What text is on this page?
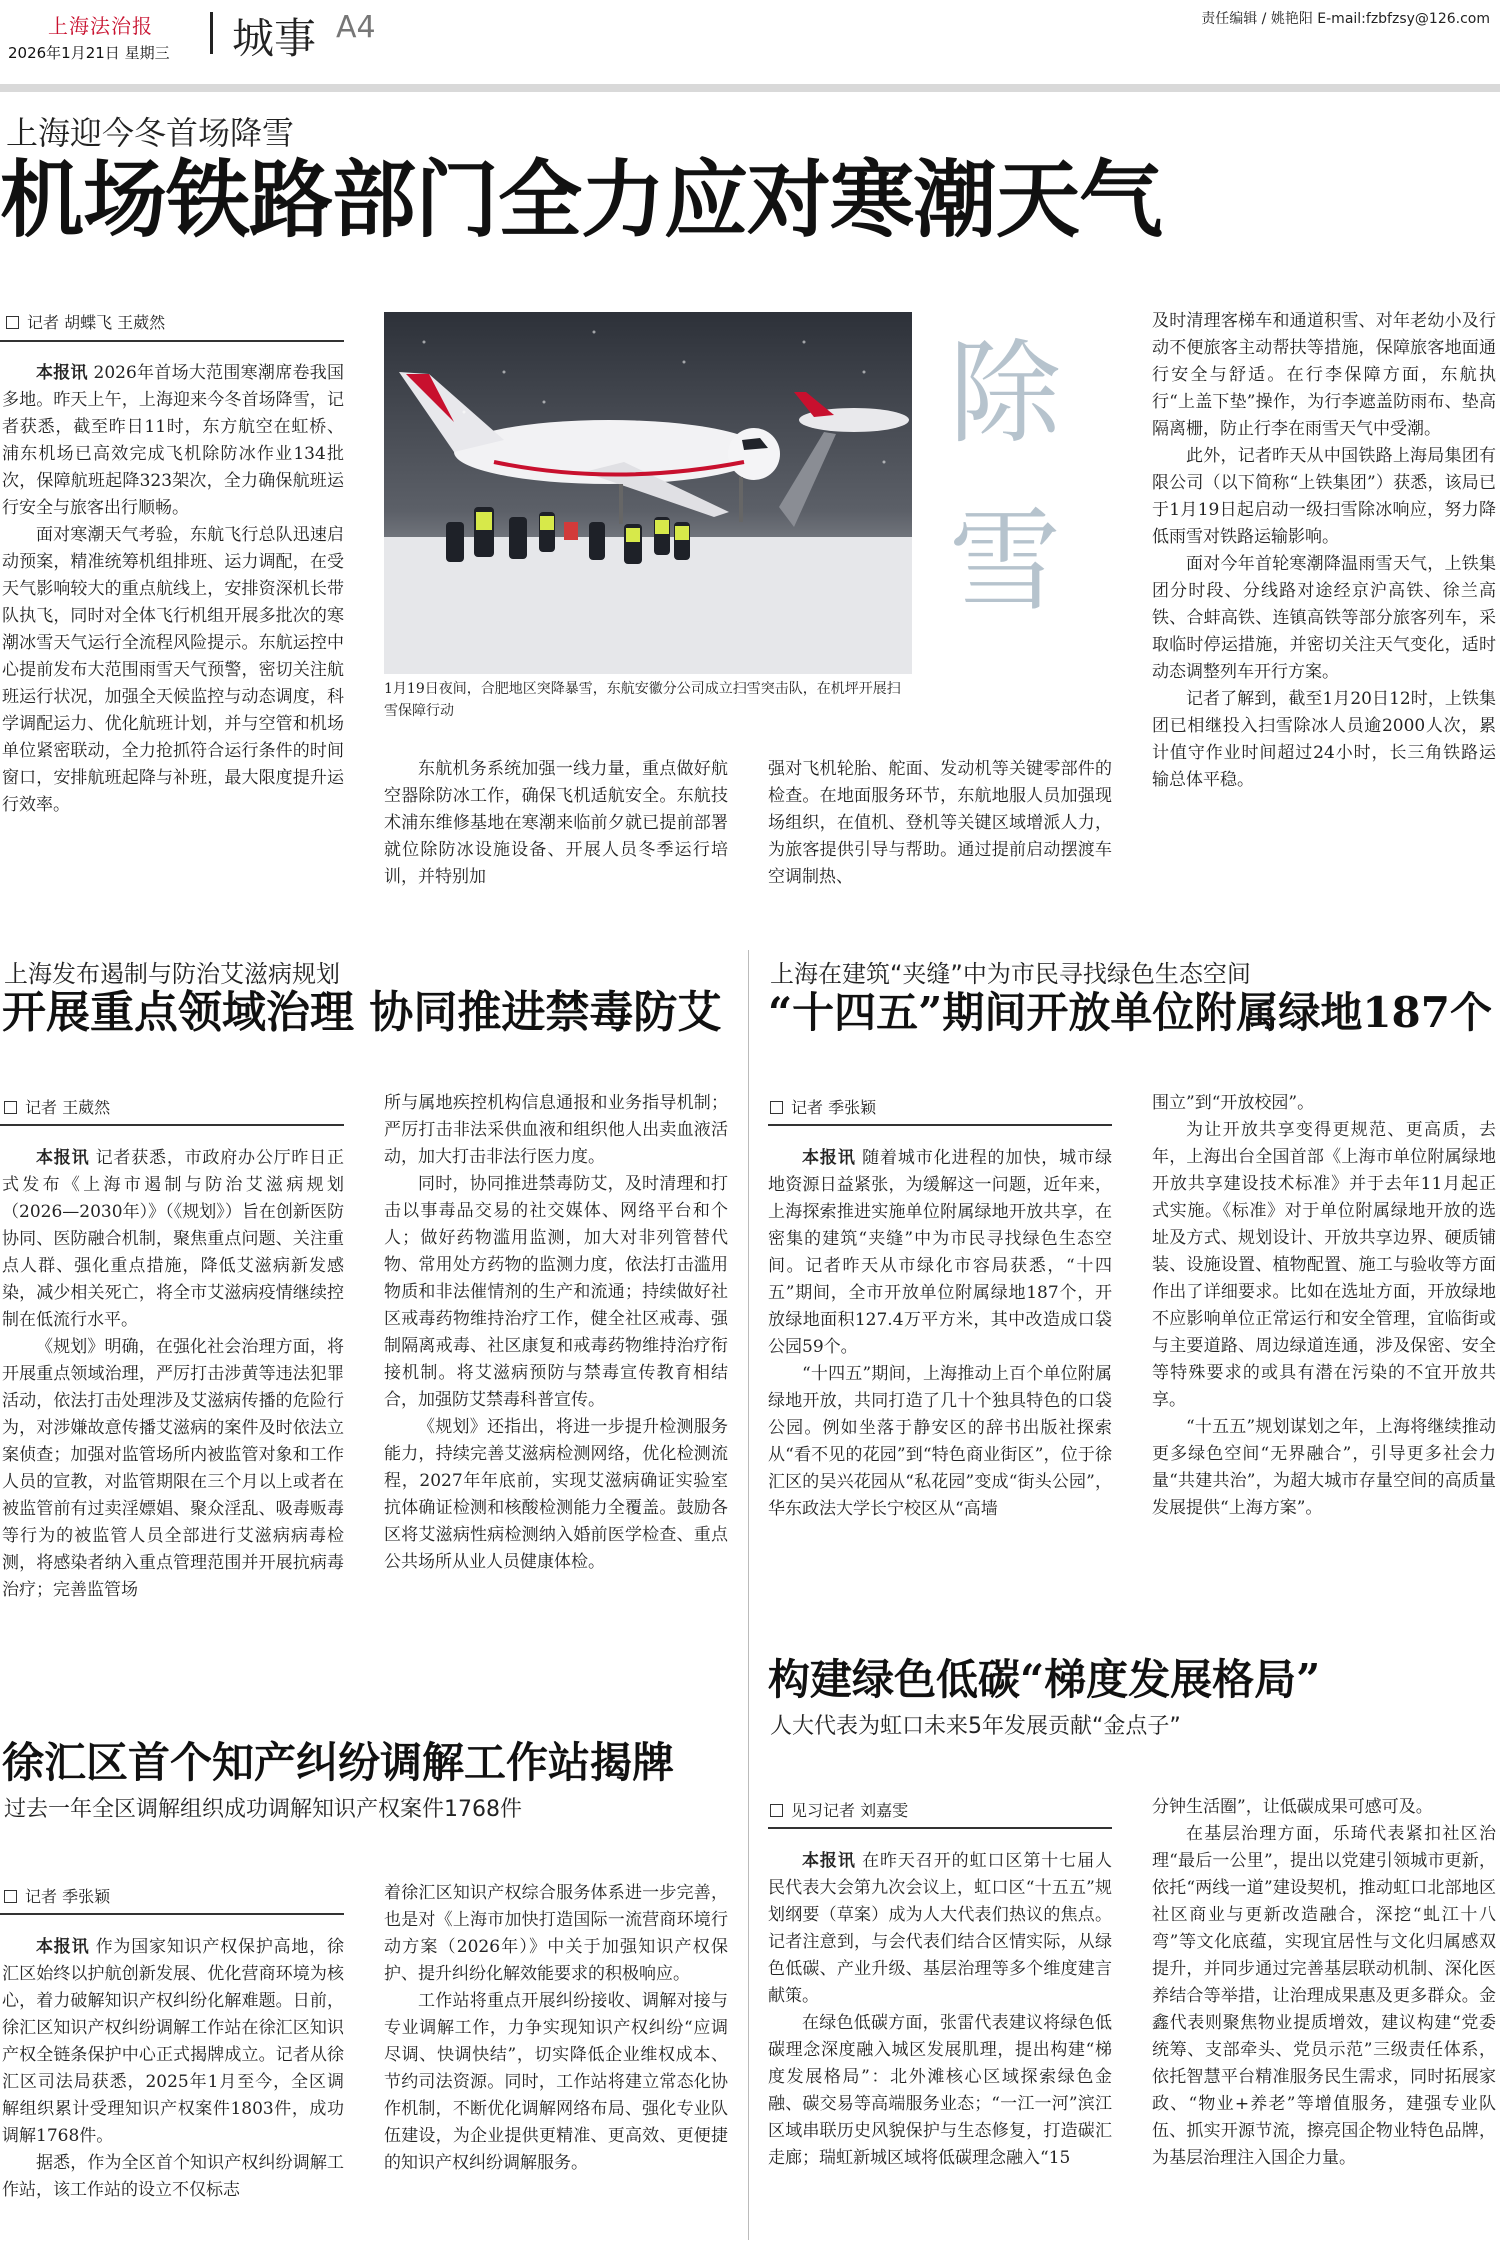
上海法治报
2026年1月21日 星期三 城事 A4	责任编辑 / 姚艳阳 E-mail:fzbfzsy@126.com
上海迎今冬首场降雪
机场铁路部门全力应对寒潮天气
记者 胡蝶飞 王葳然

本报讯 2026年首场大范围寒潮席卷我国多地。昨天上午，上海迎来今冬首场降雪，记者获悉，截至昨日11时，东方航空在虹桥、浦东机场已高效完成飞机除防冰作业134批次，保障航班起降323架次，全力确保航班运行安全与旅客出行顺畅。

面对寒潮天气考验，东航飞行总队迅速启动预案，精准统筹机组排班、运力调配，在受天气影响较大的重点航线上，安排资深机长带队执飞，同时对全体飞行机组开展多批次的寒潮冰雪天气运行全流程风险提示。东航运控中心提前发布大范围雨雪天气预警，密切关注航班运行状况，加强全天候监控与动态调度，科学调配运力、优化航班计划，并与空管和机场单位紧密联动，全力抢抓符合运行条件的时间窗口，安排航班起降与补班，最大限度提升运行效率。

1月19日夜间，合肥地区突降暴雪，东航安徽分公司成立扫雪突击队，在机坪开展扫雪保障行动
除
雪

东航机务系统加强一线力量，重点做好航空器除防冰工作，确保飞机适航安全。东航技术浦东维修基地在寒潮来临前夕就已提前部署就位除防冰设施设备、开展人员冬季运行培训，并特别加

强对飞机轮胎、舵面、发动机等关键零部件的检查。在地面服务环节，东航地服人员加强现场组织，在值机、登机等关键区域增派人力，为旅客提供引导与帮助。通过提前启动摆渡车空调制热、

及时清理客梯车和通道积雪、对年老幼小及行动不便旅客主动帮扶等措施，保障旅客地面通行安全与舒适。在行李保障方面，东航执行“上盖下垫”操作，为行李遮盖防雨布、垫高隔离栅，防止行李在雨雪天气中受潮。

此外，记者昨天从中国铁路上海局集团有限公司（以下简称“上铁集团”）获悉，该局已于1月19日起启动一级扫雪除冰响应，努力降低雨雪对铁路运输影响。

面对今年首轮寒潮降温雨雪天气，上铁集团分时段、分线路对途经京沪高铁、徐兰高铁、合蚌高铁、连镇高铁等部分旅客列车，采取临时停运措施，并密切关注天气变化，适时动态调整列车开行方案。

记者了解到，截至1月20日12时，上铁集团已相继投入扫雪除冰人员逾2000人次，累计值守作业时间超过24小时，长三角铁路运输总体平稳。

上海发布遏制与防治艾滋病规划
开展重点领域治理 协同推进禁毒防艾
记者 王葳然

本报讯 记者获悉，市政府办公厅昨日正式发布《上海市遏制与防治艾滋病规划（2026—2030年）》（《规划》）旨在创新医防协同、医防融合机制，聚焦重点问题、关注重点人群、强化重点措施，降低艾滋病新发感染，减少相关死亡，将全市艾滋病疫情继续控制在低流行水平。

《规划》明确，在强化社会治理方面，将开展重点领域治理，严厉打击涉黄等违法犯罪活动，依法打击处理涉及艾滋病传播的危险行为，对涉嫌故意传播艾滋病的案件及时依法立案侦查；加强对监管场所内被监管对象和工作人员的宣教，对监管期限在三个月以上或者在被监管前有过卖淫嫖娼、聚众淫乱、吸毒贩毒等行为的被监管人员全部进行艾滋病病毒检测，将感染者纳入重点管理范围并开展抗病毒治疗；完善监管场

所与属地疾控机构信息通报和业务指导机制；严厉打击非法采供血液和组织他人出卖血液活动，加大打击非法行医力度。

同时，协同推进禁毒防艾，及时清理和打击以事毒品交易的社交媒体、网络平台和个人；做好药物滥用监测，加大对非列管替代物、常用处方药物的监测力度，依法打击滥用物质和非法催情剂的生产和流通；持续做好社区戒毒药物维持治疗工作，健全社区戒毒、强制隔离戒毒、社区康复和戒毒药物维持治疗衔接机制。将艾滋病预防与禁毒宣传教育相结合，加强防艾禁毒科普宣传。

《规划》还指出，将进一步提升检测服务能力，持续完善艾滋病检测网络，优化检测流程，2027年年底前，实现艾滋病确证实验室抗体确证检测和核酸检测能力全覆盖。鼓励各区将艾滋病性病检测纳入婚前医学检查、重点公共场所从业人员健康体检。

上海在建筑“夹缝”中为市民寻找绿色生态空间
“十四五”期间开放单位附属绿地187个
记者 季张颖

本报讯 随着城市化进程的加快，城市绿地资源日益紧张，为缓解这一问题，近年来，上海探索推进实施单位附属绿地开放共享，在密集的建筑“夹缝”中为市民寻找绿色生态空间。记者昨天从市绿化市容局获悉，“十四五”期间，全市开放单位附属绿地187个，开放绿地面积127.4万平方米，其中改造成口袋公园59个。

“十四五”期间，上海推动上百个单位附属绿地开放，共同打造了几十个独具特色的口袋公园。例如坐落于静安区的辞书出版社探索从“看不见的花园”到“特色商业街区”，位于徐汇区的吴兴花园从“私花园”变成“街头公园”，华东政法大学长宁校区从“高墙

围立”到“开放校园”。

为让开放共享变得更规范、更高质，去年，上海出台全国首部《上海市单位附属绿地开放共享建设技术标准》并于去年11月起正式实施。《标准》对于单位附属绿地开放的选址及方式、规划设计、开放共享边界、硬质铺装、设施设置、植物配置、施工与验收等方面作出了详细要求。比如在选址方面，开放绿地不应影响单位正常运行和安全管理，宜临街或与主要道路、周边绿道连通，涉及保密、安全等特殊要求的或具有潜在污染的不宜开放共享。

“十五五”规划谋划之年，上海将继续推动更多绿色空间“无界融合”，引导更多社会力量“共建共治”，为超大城市存量空间的高质量发展提供“上海方案”。

徐汇区首个知产纠纷调解工作站揭牌
过去一年全区调解组织成功调解知识产权案件1768件
记者 季张颖

本报讯 作为国家知识产权保护高地，徐汇区始终以护航创新发展、优化营商环境为核心，着力破解知识产权纠纷化解难题。日前，徐汇区知识产权纠纷调解工作站在徐汇区知识产权全链条保护中心正式揭牌成立。记者从徐汇区司法局获悉，2025年1月至今，全区调解组织累计受理知识产权案件1803件，成功调解1768件。

据悉，作为全区首个知识产权纠纷调解工作站，该工作站的设立不仅标志

着徐汇区知识产权综合服务体系进一步完善，也是对《上海市加快打造国际一流营商环境行动方案（2026年）》中关于加强知识产权保护、提升纠纷化解效能要求的积极响应。

工作站将重点开展纠纷接收、调解对接与专业调解工作，力争实现知识产权纠纷“应调尽调、快调快结”，切实降低企业维权成本、节约司法资源。同时，工作站将建立常态化协作机制，不断优化调解网络布局、强化专业队伍建设，为企业提供更精准、更高效、更便捷的知识产权纠纷调解服务。

构建绿色低碳“梯度发展格局”
人大代表为虹口未来5年发展贡献“金点子”
见习记者 刘嘉雯

本报讯 在昨天召开的虹口区第十七届人民代表大会第九次会议上，虹口区“十五五”规划纲要（草案）成为人大代表们热议的焦点。记者注意到，与会代表们结合区情实际，从绿色低碳、产业升级、基层治理等多个维度建言献策。

在绿色低碳方面，张雷代表建议将绿色低碳理念深度融入城区发展肌理，提出构建“梯度发展格局”：北外滩核心区域探索绿色金融、碳交易等高端服务业态；“一江一河”滨江区域串联历史风貌保护与生态修复，打造碳汇走廊；瑞虹新城区域将低碳理念融入“15

分钟生活圈”，让低碳成果可感可及。

在基层治理方面，乐琦代表紧扣社区治理“最后一公里”，提出以党建引领城市更新，依托“两线一道”建设契机，推动虹口北部地区社区商业与更新改造融合，深挖“虬江十八弯”等文化底蕴，实现宜居性与文化归属感双提升，并同步通过完善基层联动机制、深化医养结合等举措，让治理成果惠及更多群众。金鑫代表则聚焦物业提质增效，建议构建“党委统筹、支部牵头、党员示范”三级责任体系，依托智慧平台精准服务民生需求，同时拓展家政、“物业+养老”等增值服务，建强专业队伍、抓实开源节流，擦亮国企物业特色品牌，为基层治理注入国企力量。
